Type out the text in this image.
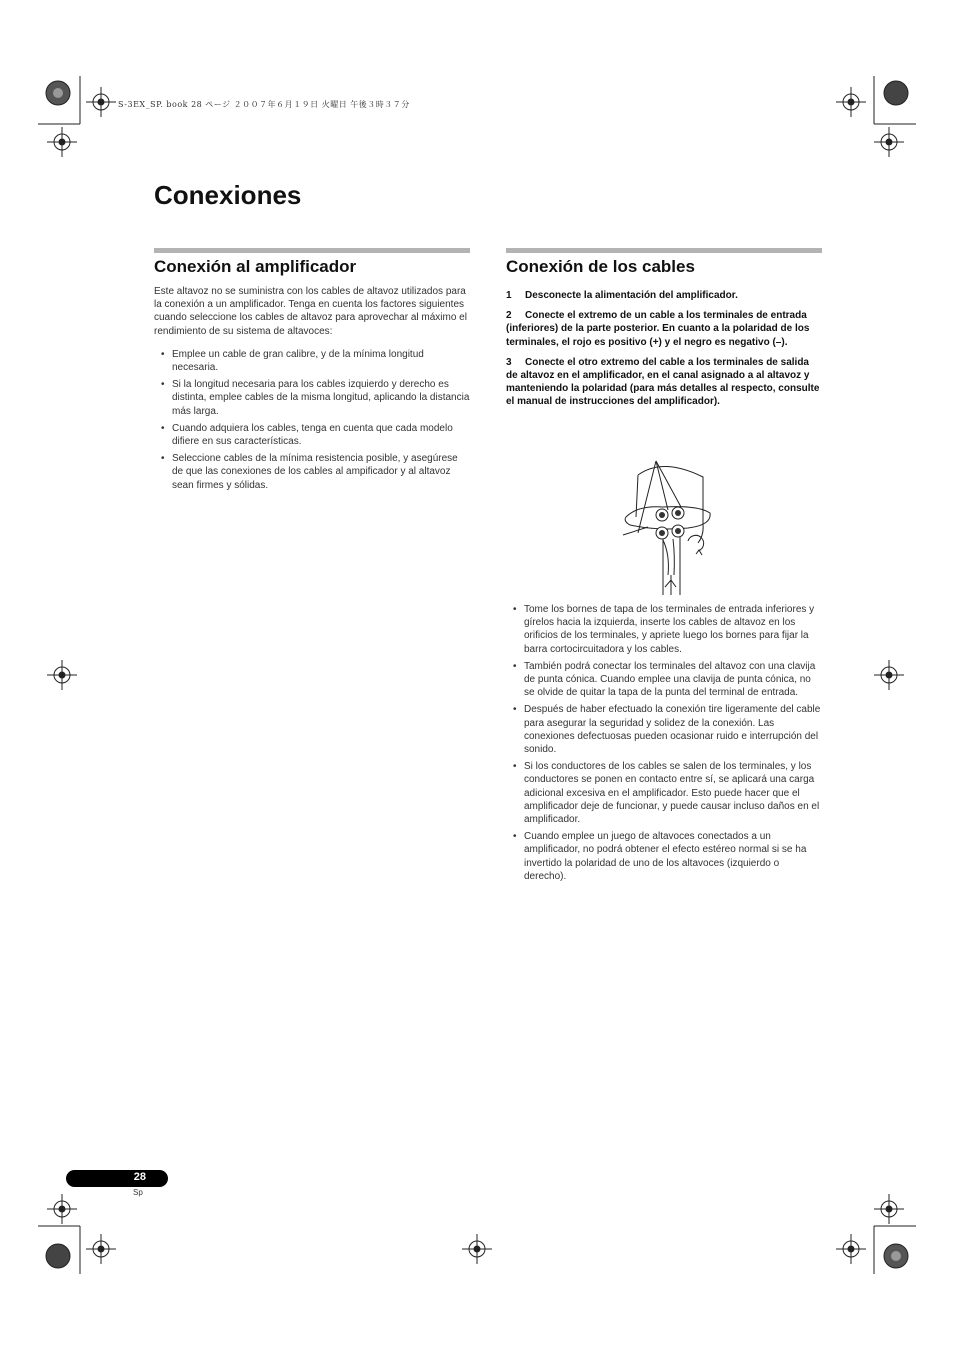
S-3EX_SP. book 28 ページ ２００７年６月１９日 火曜日 午後３時３７分
Conexiones
Conexión al amplificador

Este altavoz no se suministra con los cables de altavoz utilizados para la conexión a un amplificador. Tenga en cuenta los factores siguientes cuando seleccione los cables de altavoz para aprovechar al máximo el rendimiento de su sistema de altavoces:

• Emplee un cable de gran calibre, y de la mínima longitud necesaria.
• Si la longitud necesaria para los cables izquierdo y derecho es distinta, emplee cables de la misma longitud, aplicando la distancia más larga.
• Cuando adquiera los cables, tenga en cuenta que cada modelo difiere en sus características.
• Seleccione cables de la mínima resistencia posible, y asegúrese de que las conexiones de los cables al ampificador y al altavoz sean firmes y sólidas.
Conexión de los cables
1 Desconecte la alimentación del amplificador.
2 Conecte el extremo de un cable a los terminales de entrada (inferiores) de la parte posterior. En cuanto a la polaridad de los terminales, el rojo es positivo (+) y el negro es negativo (–).
3 Conecte el otro extremo del cable a los terminales de salida de altavoz en el amplificador, en el canal asignado a al altavoz y manteniendo la polaridad (para más detalles al respecto, consulte el manual de instrucciones del amplificador).
• Tome los bornes de tapa de los terminales de entrada inferiores y gírelos hacia la izquierda, inserte los cables de altavoz en los orificios de los terminales, y apriete luego los bornes para fijar la barra cortocircuitadora y los cables.
• También podrá conectar los terminales del altavoz con una clavija de punta cónica. Cuando emplee una clavija de punta cónica, no se olvide de quitar la tapa de la punta del terminal de entrada.
• Después de haber efectuado la conexión tire ligeramente del cable para asegurar la seguridad y solidez de la conexión. Las conexiones defectuosas pueden ocasionar ruido e interrupción del sonido.
• Si los conductores de los cables se salen de los terminales, y los conductores se ponen en contacto entre sí, se aplicará una carga adicional excesiva en el amplificador. Esto puede hacer que el amplificador deje de funcionar, y puede causar incluso daños en el amplificador.
• Cuando emplee un juego de altavoces conectados a un amplificador, no podrá obtener el efecto estéreo normal si se ha invertido la polaridad de uno de los altavoces (izquierdo o derecho).
28
Sp
